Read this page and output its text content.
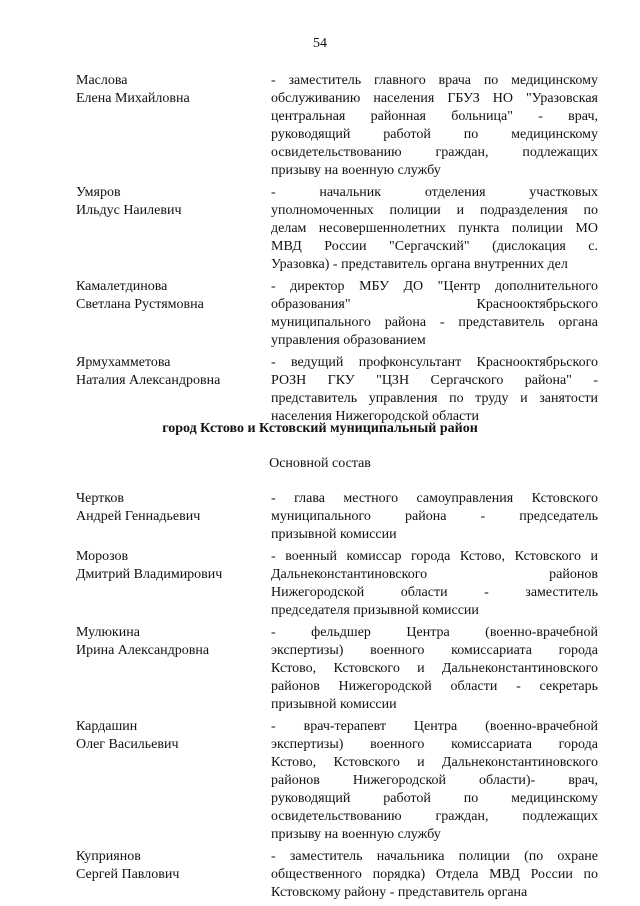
54
Маслова
Елена Михайловна
- заместитель главного врача по медицинскому
обслуживанию населения ГБУЗ НО "Уразовская
центральная районная больница" - врач,
руководящий работой по медицинскому
освидетельствованию граждан, подлежащих
призыву на военную службу
Умяров
Ильдус Наилевич
- начальник отделения участковых
уполномоченных полиции и подразделения по
делам несовершеннолетних пункта полиции МО
МВД России "Сергачский" (дислокация с.
Уразовка) - представитель органа внутренних дел
Камалетдинова
Светлана Рустямовна
- директор МБУ ДО "Центр дополнительного
образования" Краснооктябрьского
муниципального района - представитель органа
управления образованием
Ярмухамметова
Наталия Александровна
- ведущий профконсультант Краснооктябрьского
РОЗН ГКУ "ЦЗН Сергачского района" -
представитель управления по труду и занятости
населения Нижегородской области
город Кстово и Кстовский муниципальный район
Основной состав
Чертков
Андрей Геннадьевич
- глава местного самоуправления Кстовского
муниципального района - председатель
призывной комиссии
Морозов
Дмитрий Владимирович
- военный комиссар города Кстово, Кстовского и
Дальнеконстантиновского районов
Нижегородской области - заместитель
председателя призывной комиссии
Мулюкина
Ирина Александровна
- фельдшер Центра (военно-врачебной
экспертизы) военного комиссариата города
Кстово, Кстовского и Дальнеконстантиновского
районов Нижегородской области - секретарь
призывной комиссии
Кардашин
Олег Васильевич
- врач-терапевт Центра (военно-врачебной
экспертизы) военного комиссариата города
Кстово, Кстовского и Дальнеконстантиновского
районов Нижегородской области)- врач,
руководящий работой по медицинскому
освидетельствованию граждан, подлежащих
призыву на военную службу
Куприянов
Сергей Павлович
- заместитель начальника полиции (по охране
общественного порядка) Отдела МВД России по
Кстовскому району - представитель органа
